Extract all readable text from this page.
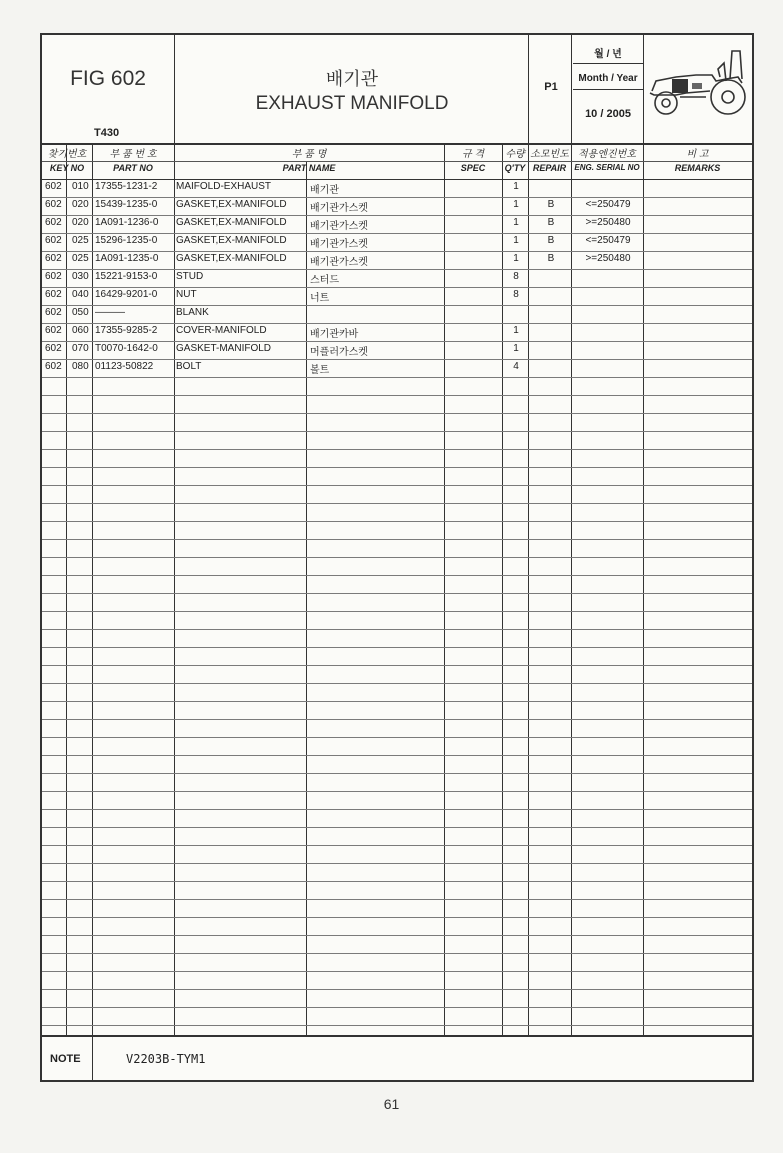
FIG 602
T430
배기관
EXHAUST MANIFOLD
P1
월 / 년
Month / Year
10 / 2005
찾기번호
KEY NO
부 품 번 호
PART NO
부 품 명
PART NAME
규 격
SPEC
수량
Q'TY
소모빈도
REPAIR
적용엔진번호
ENG. SERIAL NO
비 고
REMARKS
602 010 17355-1231-2 MAIFOLD-EXHAUST	배기관	1
602 020 15439-1235-0 GASKET,EX-MANIFOLD 배기관가스켓	1	B	<=250479
602 020 1A091-1236-0 GASKET,EX-MANIFOLD 배기관가스켓	1	B	>=250480
602 025 15296-1235-0 GASKET,EX-MANIFOLD 배기관가스켓	1	B	<=250479
602 025 1A091-1235-0 GASKET,EX-MANIFOLD 배기관가스켓	1	B	>=250480
602 030 15221-9153-0 STUD	스터드	8
602 040 16429-9201-0 NUT	너트	8
602 050 ———	BLANK
602 060 17355-9285-2 COVER-MANIFOLD	배기관카바	1
602 070 T0070-1642-0 GASKET-MANIFOLD	머플러가스켓	1
602 080 01123-50822 BOLT	볼트	4
NOTE	V2203B-TYM1
61
